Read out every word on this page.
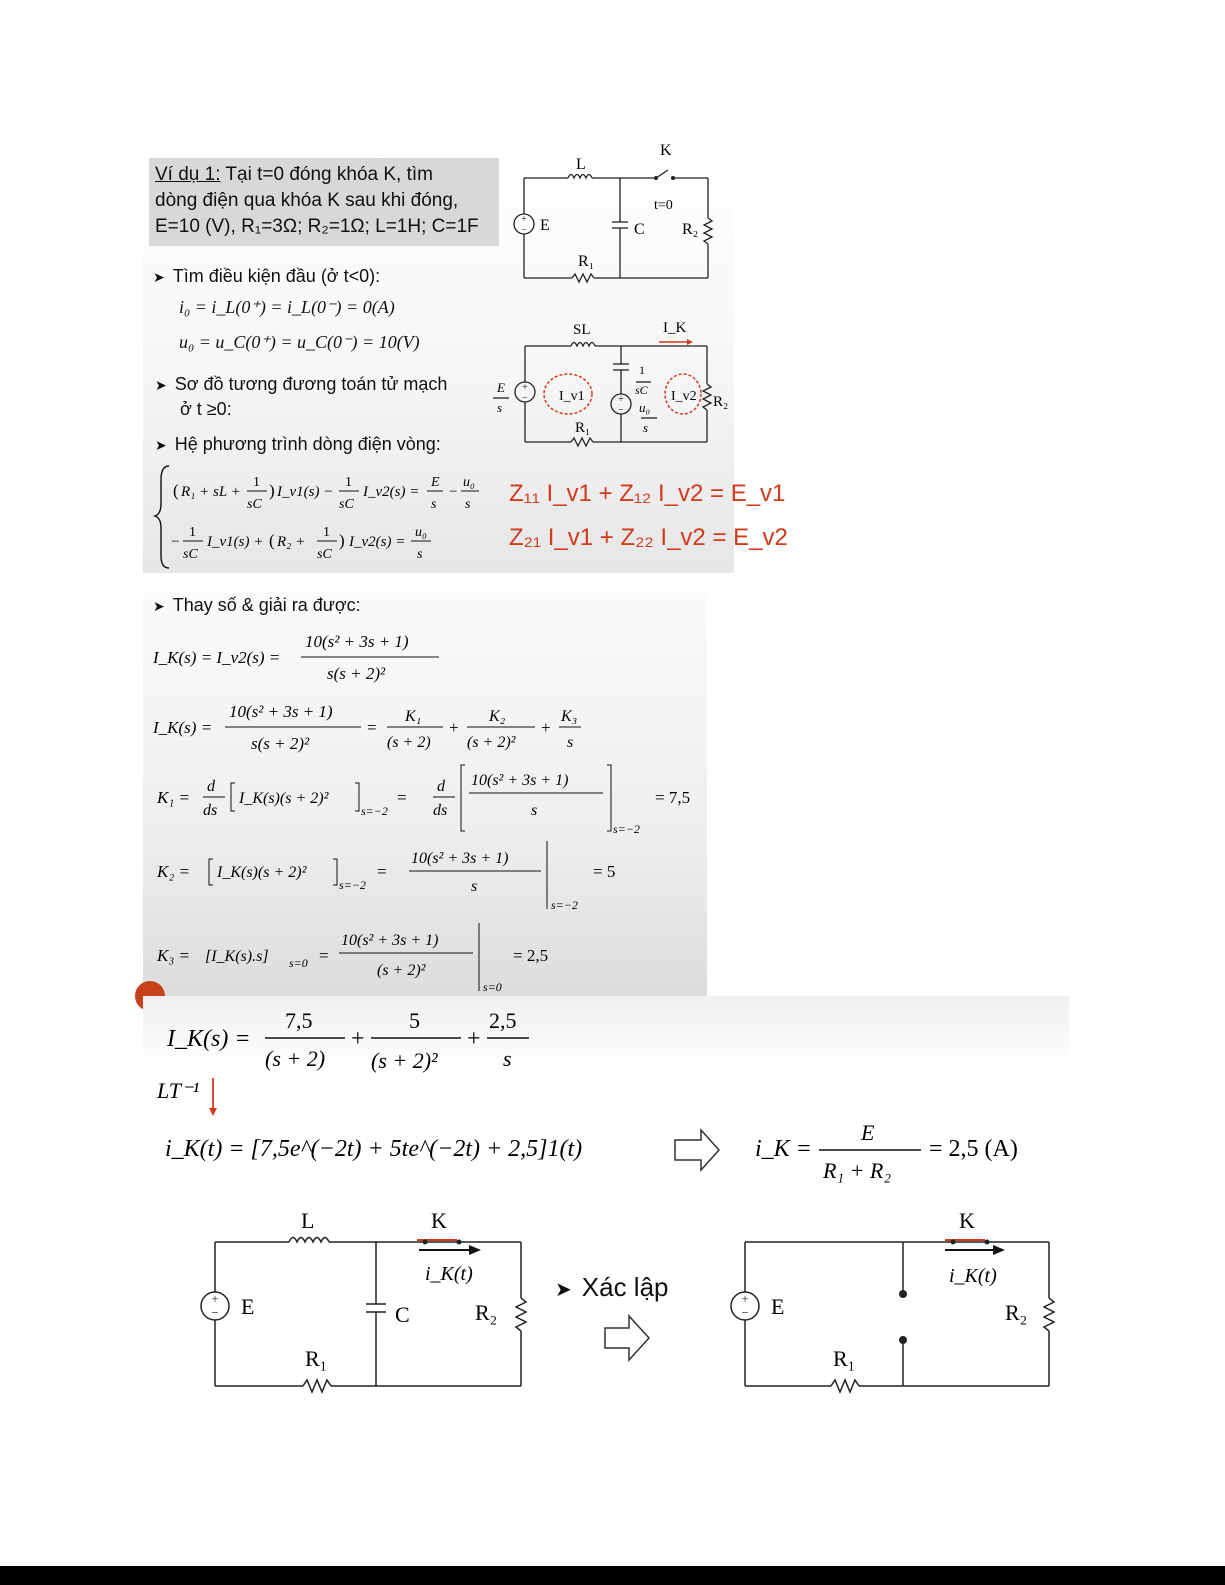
Ví dụ 1: Tại t=0 đóng khóa K, tìm
dòng điện qua khóa K sau khi đóng,
E=10 (V), R₁=3Ω; R₂=1Ω; L=1H; C=1F
➤ Tìm điều kiện đầu (ở t<0):
i₀ = i_L(0⁺) = i_L(0⁻) = 0(A)
u₀ = u_C(0⁺) = u_C(0⁻) = 10(V)
➤ Sơ đồ tương đương toán tử mạch
ở t ≥0:
➤ Hệ phương trình dòng điện vòng:
( R₁ + sL +
1
sC
) I_v1(s) −
1
sC
I_v2(s) =
E
s
−
u₀
s
−
1
sC
I_v1(s) + ( R₂ +
1
sC
) I_v2(s) =
u₀
s
Z₁₁ I_v1 + Z₁₂ I_v2 = E_v1
Z₂₁ I_v1 + Z₂₂ I_v2 = E_v2
+
−
L
K
t=0
E	C
R₁
R₂
+
−	+
−
SL	I_K
E
s
I_v1	I_v2
1
sC
u₀
s
R₁
R₂
➤ Thay số & giải ra được:
I_K(s) = I_v2(s) =
10(s² + 3s + 1)
s(s + 2)²
I_K(s) =
10(s² + 3s + 1)
s(s + 2)²
=
K₁
(s + 2)
+
K₂
(s + 2)²
+
K₃
s
K₁ =
d
ds
I_K(s)(s + 2)²
s=−2
=
d
ds
10(s² + 3s + 1)
s
s=−2
= 7,5
K₂ = I_K(s)(s + 2)²
s=−2
=
10(s² + 3s + 1)
s
s=−2
= 5
K₃ = [I_K(s).s] s=0 =
10(s² + 3s + 1)
(s + 2)²
s=0
= 2,5
I_K(s) =
7,5
(s + 2)
+
5
(s + 2)²
+
2,5
s
LT⁻¹
i_K(t) = [7,5e^(−2t) + 5te^(−2t) + 2,5]1(t)	i_K =
E
R₁ + R₂
= 2,5 (A)
+
−
L	K
i_K(t)
E	C
R₁
R₂
➤ Xác lập	+
−
K
i_K(t)
E
R₁
R₂
